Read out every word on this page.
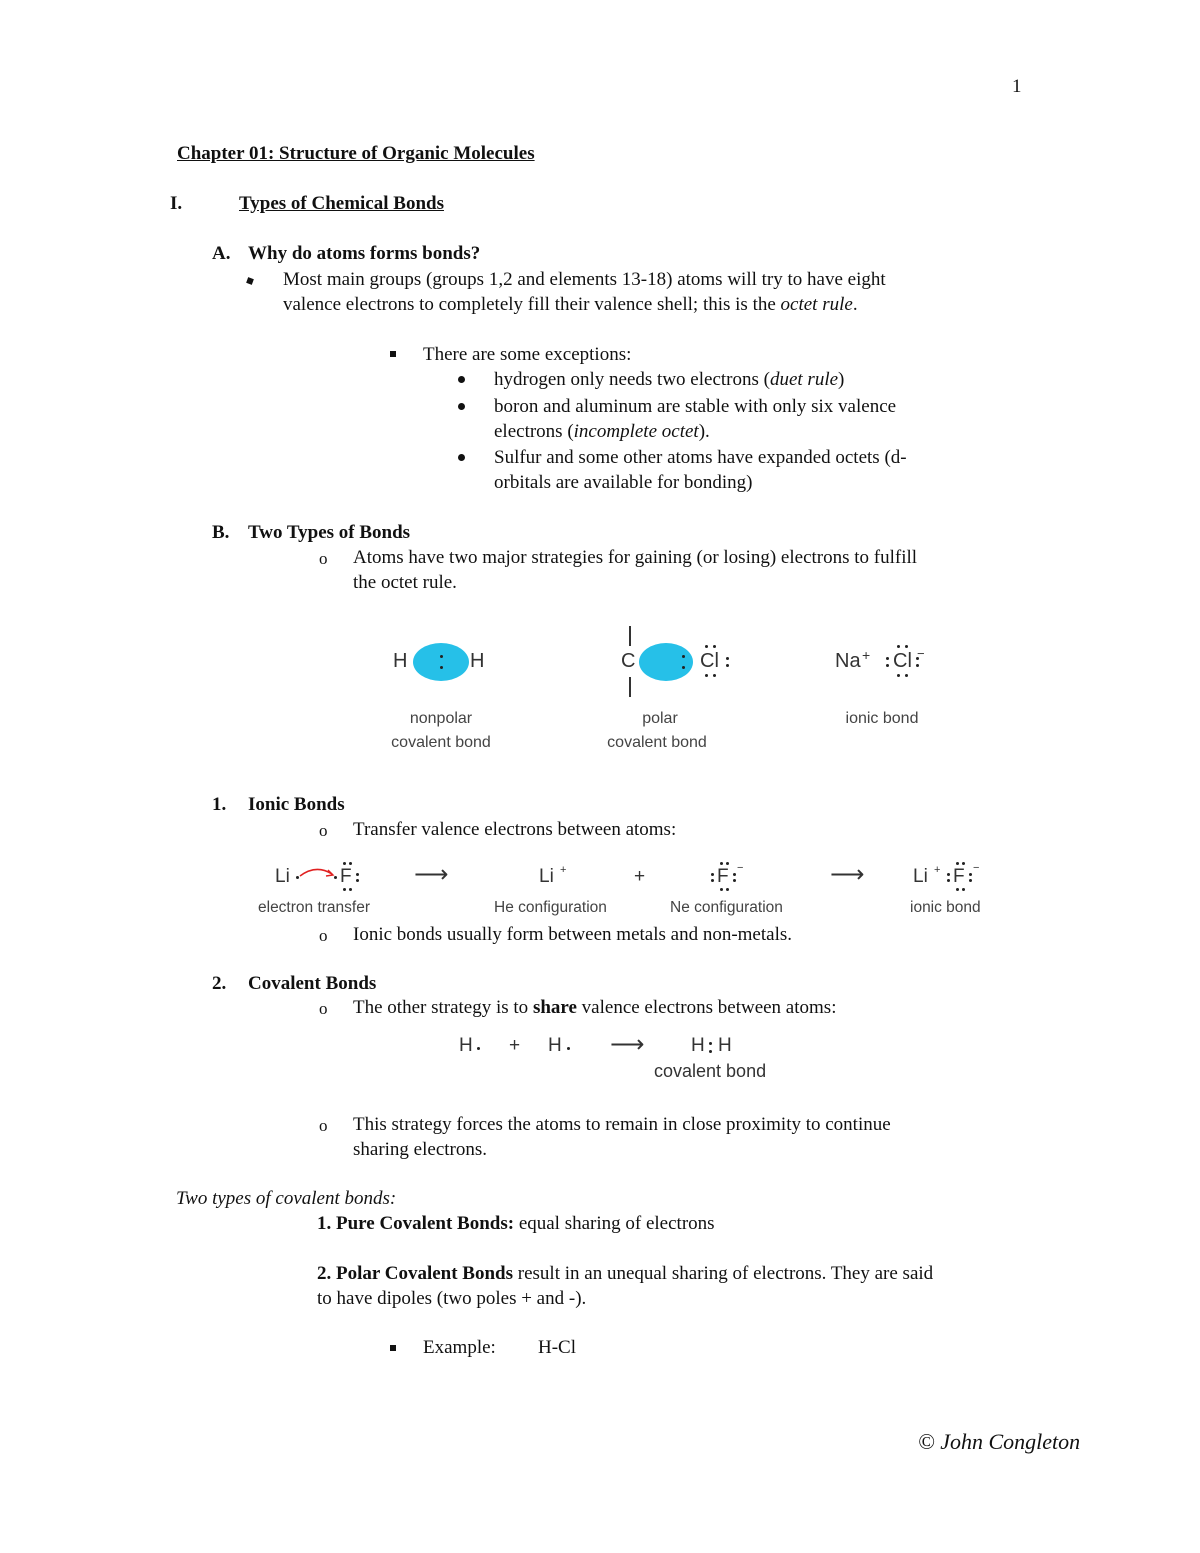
1
Chapter 01: Structure of Organic Molecules
I.	Types of Chemical Bonds
A. Why do atoms forms bonds?
Most main groups (groups 1,2 and elements 13-18) atoms will try to have eight
valence electrons to completely fill their valence shell; this is the octet rule.
There are some exceptions:
hydrogen only needs two electrons (duet rule)
boron and aluminum are stable with only six valence
electrons (incomplete octet).
Sulfur and some other atoms have expanded octets (d-
orbitals are available for bonding)
B. Two Types of Bonds
o Atoms have two major strategies for gaining (or losing) electrons to fulfill
the octet rule.
H	H
nonpolar
covalent bond
C	Cl
polar
covalent bond
Na + Cl −
ionic bond
1. Ionic Bonds
o Transfer valence electrons between atoms:
Li	F	⟶	Li +	+	F −	⟶	Li + F −
electron transfer	He configuration	Ne configuration	ionic bond
o Ionic bonds usually form between metals and non-metals.
2. Covalent Bonds
o The other strategy is to share valence electrons between atoms:
H + H ⟶ H H
covalent bond
o This strategy forces the atoms to remain in close proximity to continue
sharing electrons.
Two types of covalent bonds:
1. Pure Covalent Bonds: equal sharing of electrons
2. Polar Covalent Bonds result in an unequal sharing of electrons. They are said
to have dipoles (two poles + and -).
Example: H-Cl
© John Congleton
